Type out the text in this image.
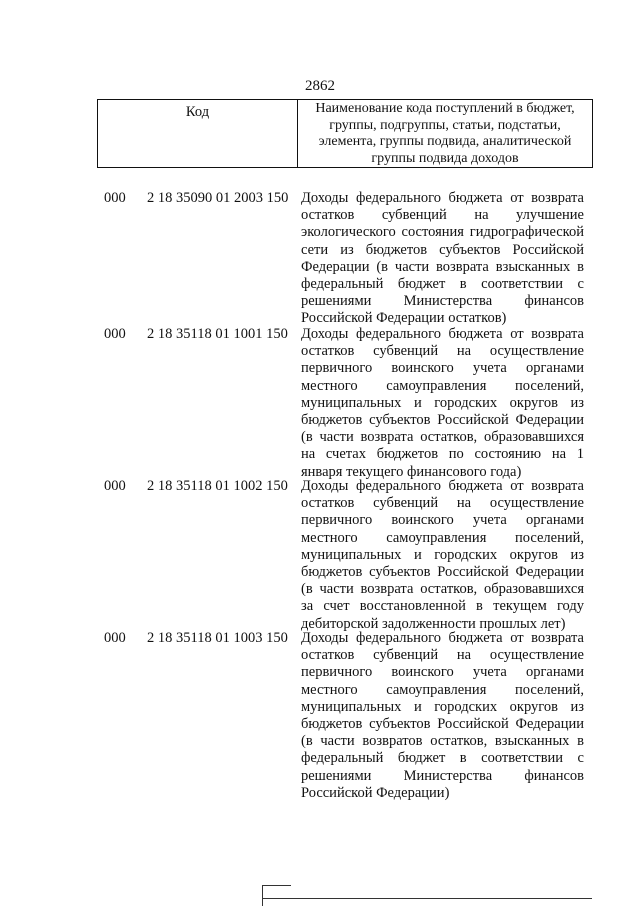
2862
Код	Наименование кода поступлений в бюджет, группы, подгруппы, статьи, подстатьи, элемента, группы подвида, аналитической группы подвида доходов
000 2 18 35090 01 2003 150 Доходы федерального бюджета от возврата остатков субвенций на улучшение экологического состояния гидрографической сети из бюджетов субъектов Российской Федерации (в части возврата взысканных в федеральный бюджет в соответствии с решениями Министерства финансов Российской Федерации остатков)
000 2 18 35118 01 1001 150 Доходы федерального бюджета от возврата остатков субвенций на осуществление первичного воинского учета органами местного самоуправления поселений, муниципальных и городских округов из бюджетов субъектов Российской Федерации (в части возврата остатков, образовавшихся на счетах бюджетов по состоянию на 1 января текущего финансового года)
000 2 18 35118 01 1002 150 Доходы федерального бюджета от возврата остатков субвенций на осуществление первичного воинского учета органами местного самоуправления поселений, муниципальных и городских округов из бюджетов субъектов Российской Федерации (в части возврата остатков, образовавшихся за счет восстановленной в текущем году дебиторской задолженности прошлых лет)
000 2 18 35118 01 1003 150 Доходы федерального бюджета от возврата остатков субвенций на осуществление первичного воинского учета органами местного самоуправления поселений, муниципальных и городских округов из бюджетов субъектов Российской Федерации (в части возвратов остатков, взысканных в федеральный бюджет в соответствии с решениями Министерства финансов Российской Федерации)
